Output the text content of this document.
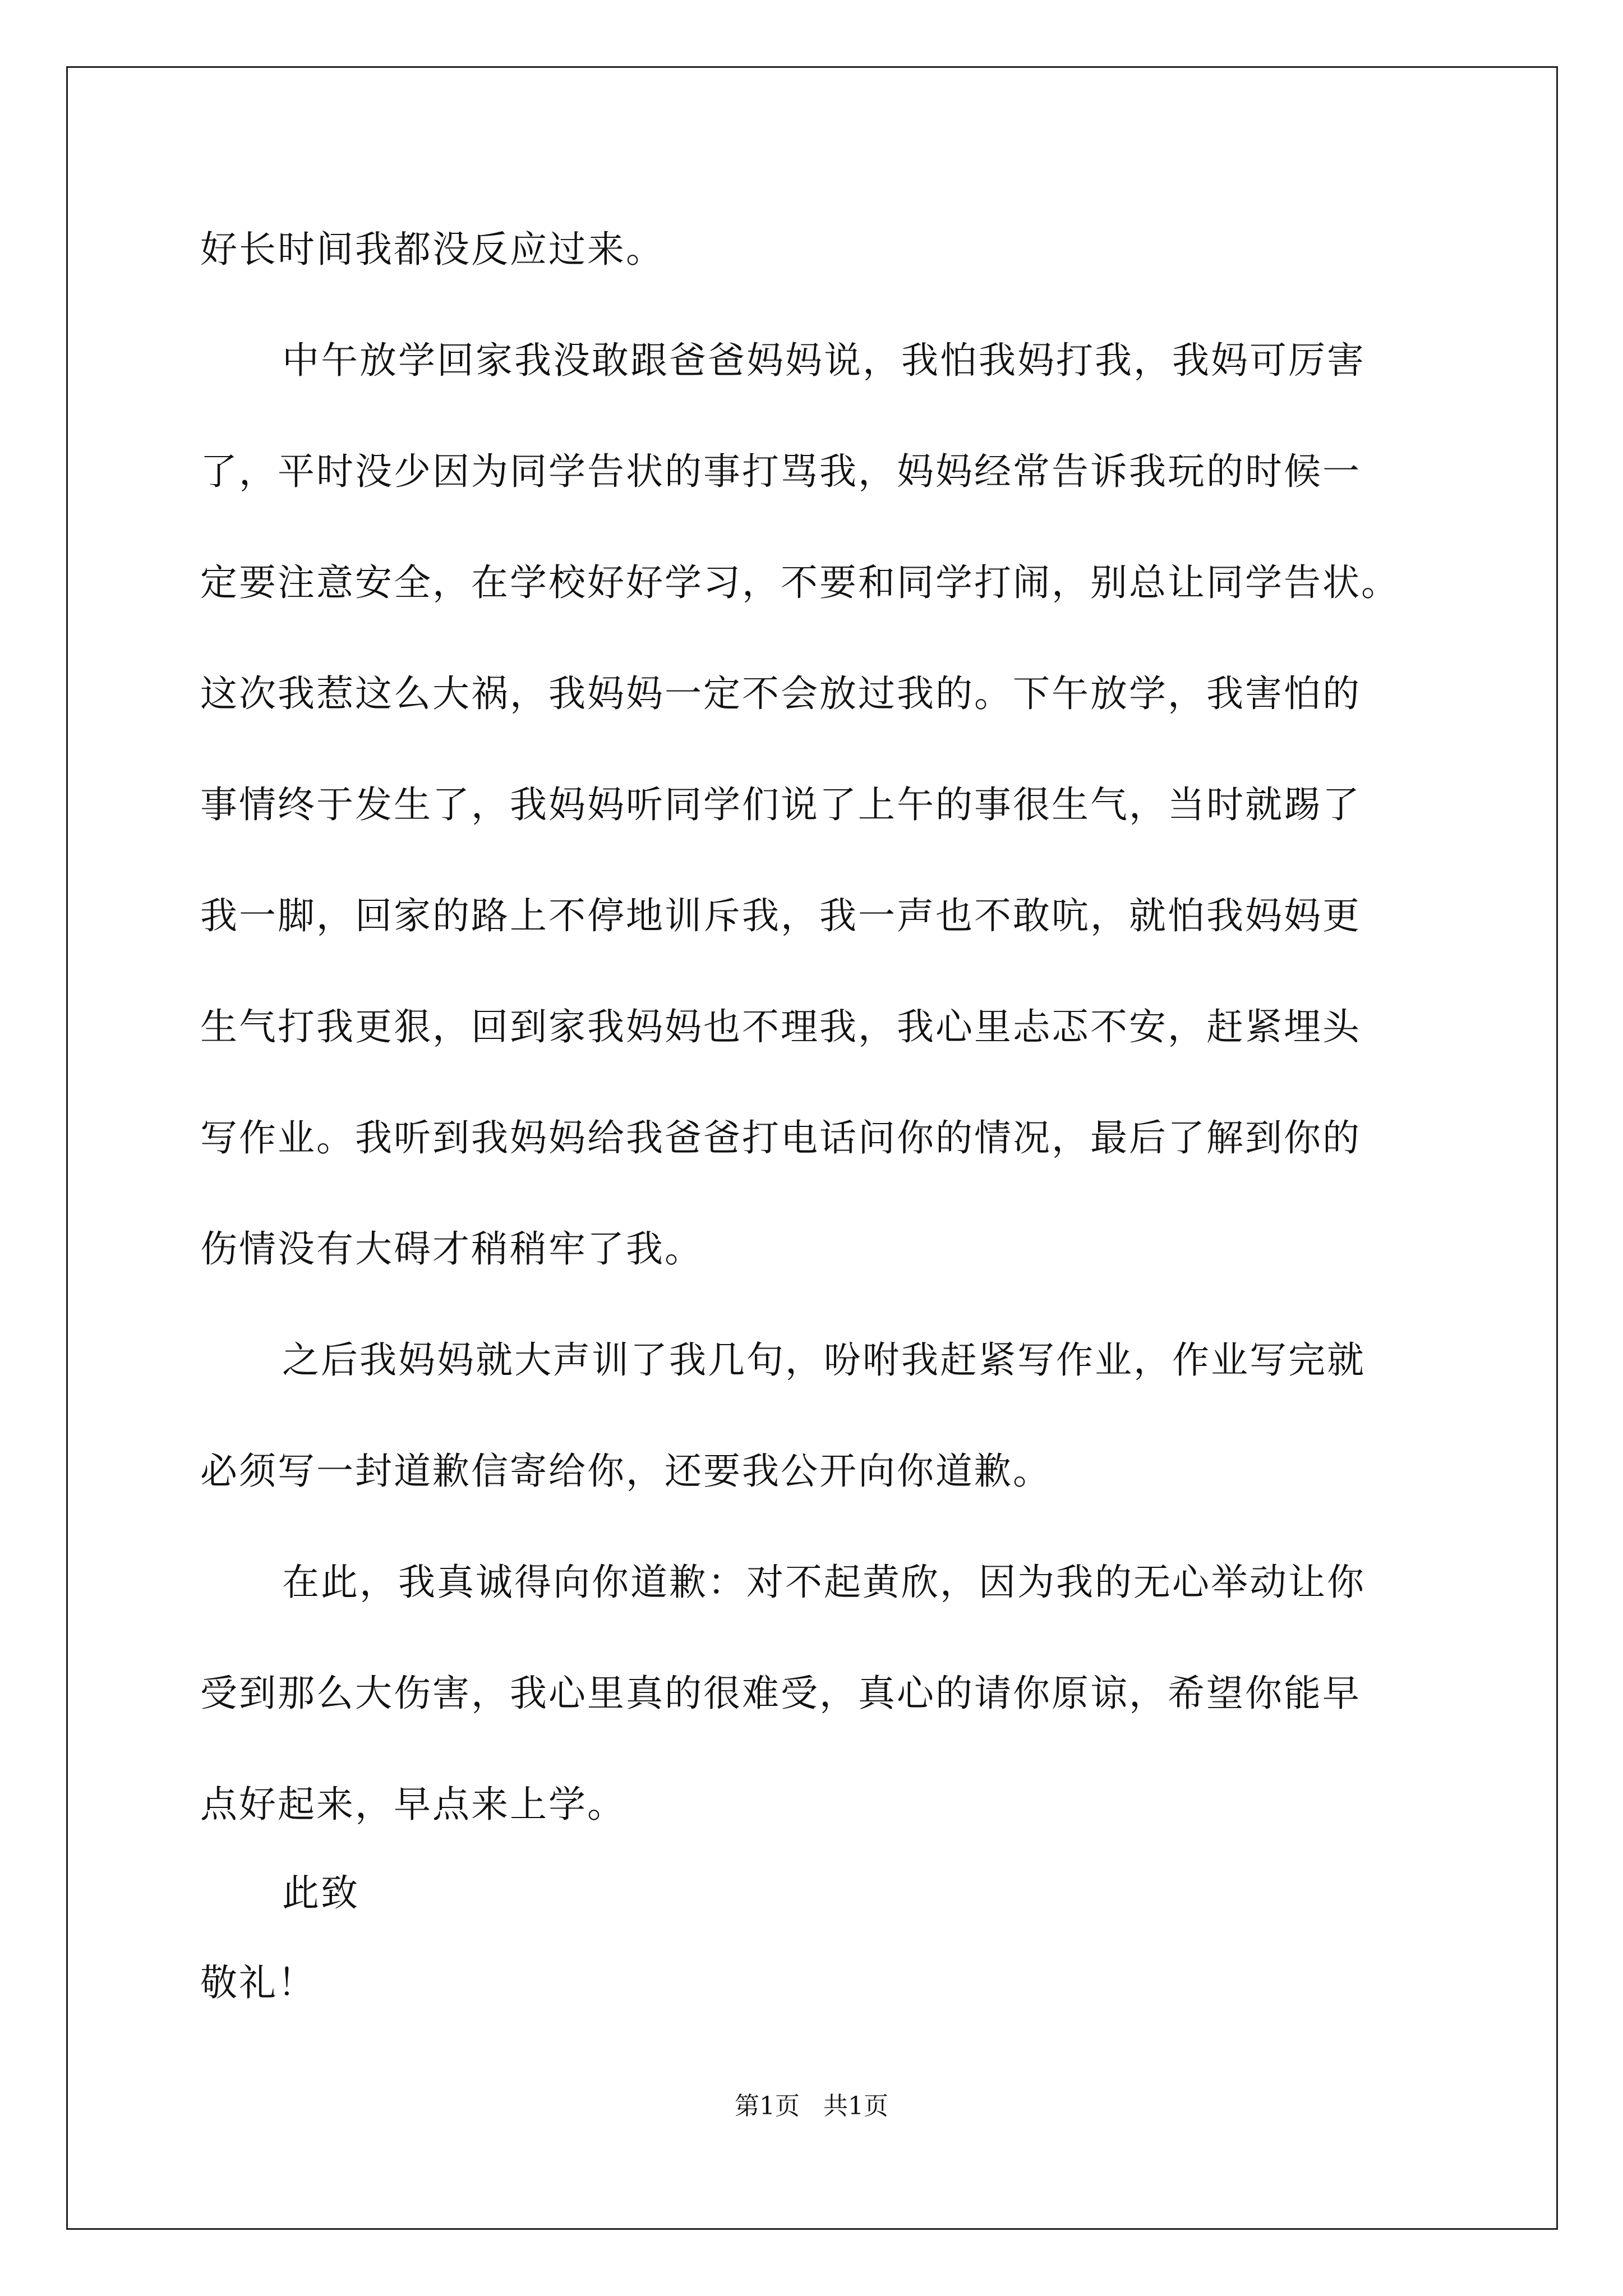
好长时间我都没反应过来。
中午放学回家我没敢跟爸爸妈妈说，我怕我妈打我，我妈可厉害
了，平时没少因为同学告状的事打骂我，妈妈经常告诉我玩的时候一
定要注意安全，在学校好好学习，不要和同学打闹，别总让同学告状。
这次我惹这么大祸，我妈妈一定不会放过我的。下午放学，我害怕的
事情终于发生了，我妈妈听同学们说了上午的事很生气，当时就踢了
我一脚，回家的路上不停地训斥我，我一声也不敢吭，就怕我妈妈更
生气打我更狠，回到家我妈妈也不理我，我心里忐忑不安，赶紧埋头
写作业。我听到我妈妈给我爸爸打电话问你的情况，最后了解到你的
伤情没有大碍才稍稍牢了我。
之后我妈妈就大声训了我几句，吩咐我赶紧写作业，作业写完就
必须写一封道歉信寄给你，还要我公开向你道歉。
在此，我真诚得向你道歉：对不起黄欣，因为我的无心举动让你
受到那么大伤害，我心里真的很难受，真心的请你原谅，希望你能早
点好起来，早点来上学。
此致
敬礼！
第1页   共1页
